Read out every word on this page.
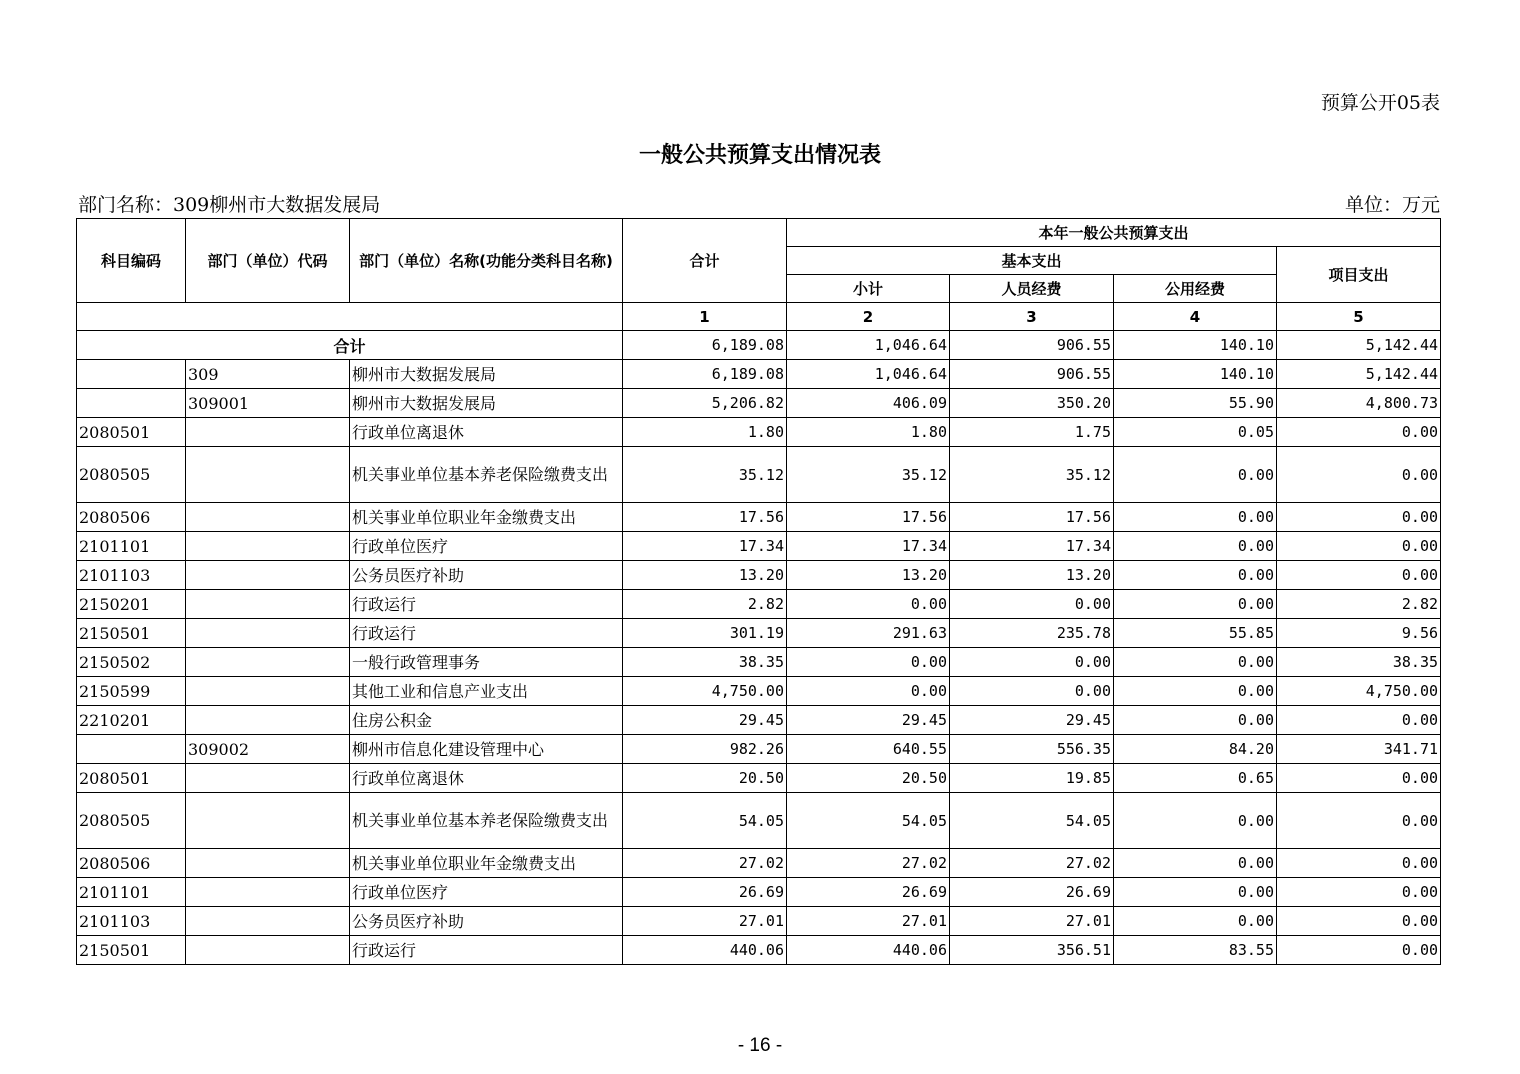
预算公开05表
一般公共预算支出情况表
部门名称：309柳州市大数据发展局	单位：万元
科目编码	部门（单位）代码	部门（单位）名称(功能分类科目名称)	合计	本年一般公共预算支出			
				基本支出			项目支出
				小计	人员经费	公用经费	
			1	2	3	4	5
合计			6,189.08	1,046.64	906.55	140.10	5,142.44
	309	柳州市大数据发展局	6,189.08	1,046.64	906.55	140.10	5,142.44
	309001	柳州市大数据发展局	5,206.82	406.09	350.20	55.90	4,800.73
2080501		行政单位离退休	1.80	1.80	1.75	0.05	0.00
2080505		机关事业单位基本养老保险缴费支出	35.12	35.12	35.12	0.00	0.00
2080506		机关事业单位职业年金缴费支出	17.56	17.56	17.56	0.00	0.00
2101101		行政单位医疗	17.34	17.34	17.34	0.00	0.00
2101103		公务员医疗补助	13.20	13.20	13.20	0.00	0.00
2150201		行政运行	2.82	0.00	0.00	0.00	2.82
2150501		行政运行	301.19	291.63	235.78	55.85	9.56
2150502		一般行政管理事务	38.35	0.00	0.00	0.00	38.35
2150599		其他工业和信息产业支出	4,750.00	0.00	0.00	0.00	4,750.00
2210201		住房公积金	29.45	29.45	29.45	0.00	0.00
	309002	柳州市信息化建设管理中心	982.26	640.55	556.35	84.20	341.71
2080501		行政单位离退休	20.50	20.50	19.85	0.65	0.00
2080505		机关事业单位基本养老保险缴费支出	54.05	54.05	54.05	0.00	0.00
2080506		机关事业单位职业年金缴费支出	27.02	27.02	27.02	0.00	0.00
2101101		行政单位医疗	26.69	26.69	26.69	0.00	0.00
2101103		公务员医疗补助	27.01	27.01	27.01	0.00	0.00
2150501		行政运行	440.06	440.06	356.51	83.55	0.00
- 16 -
